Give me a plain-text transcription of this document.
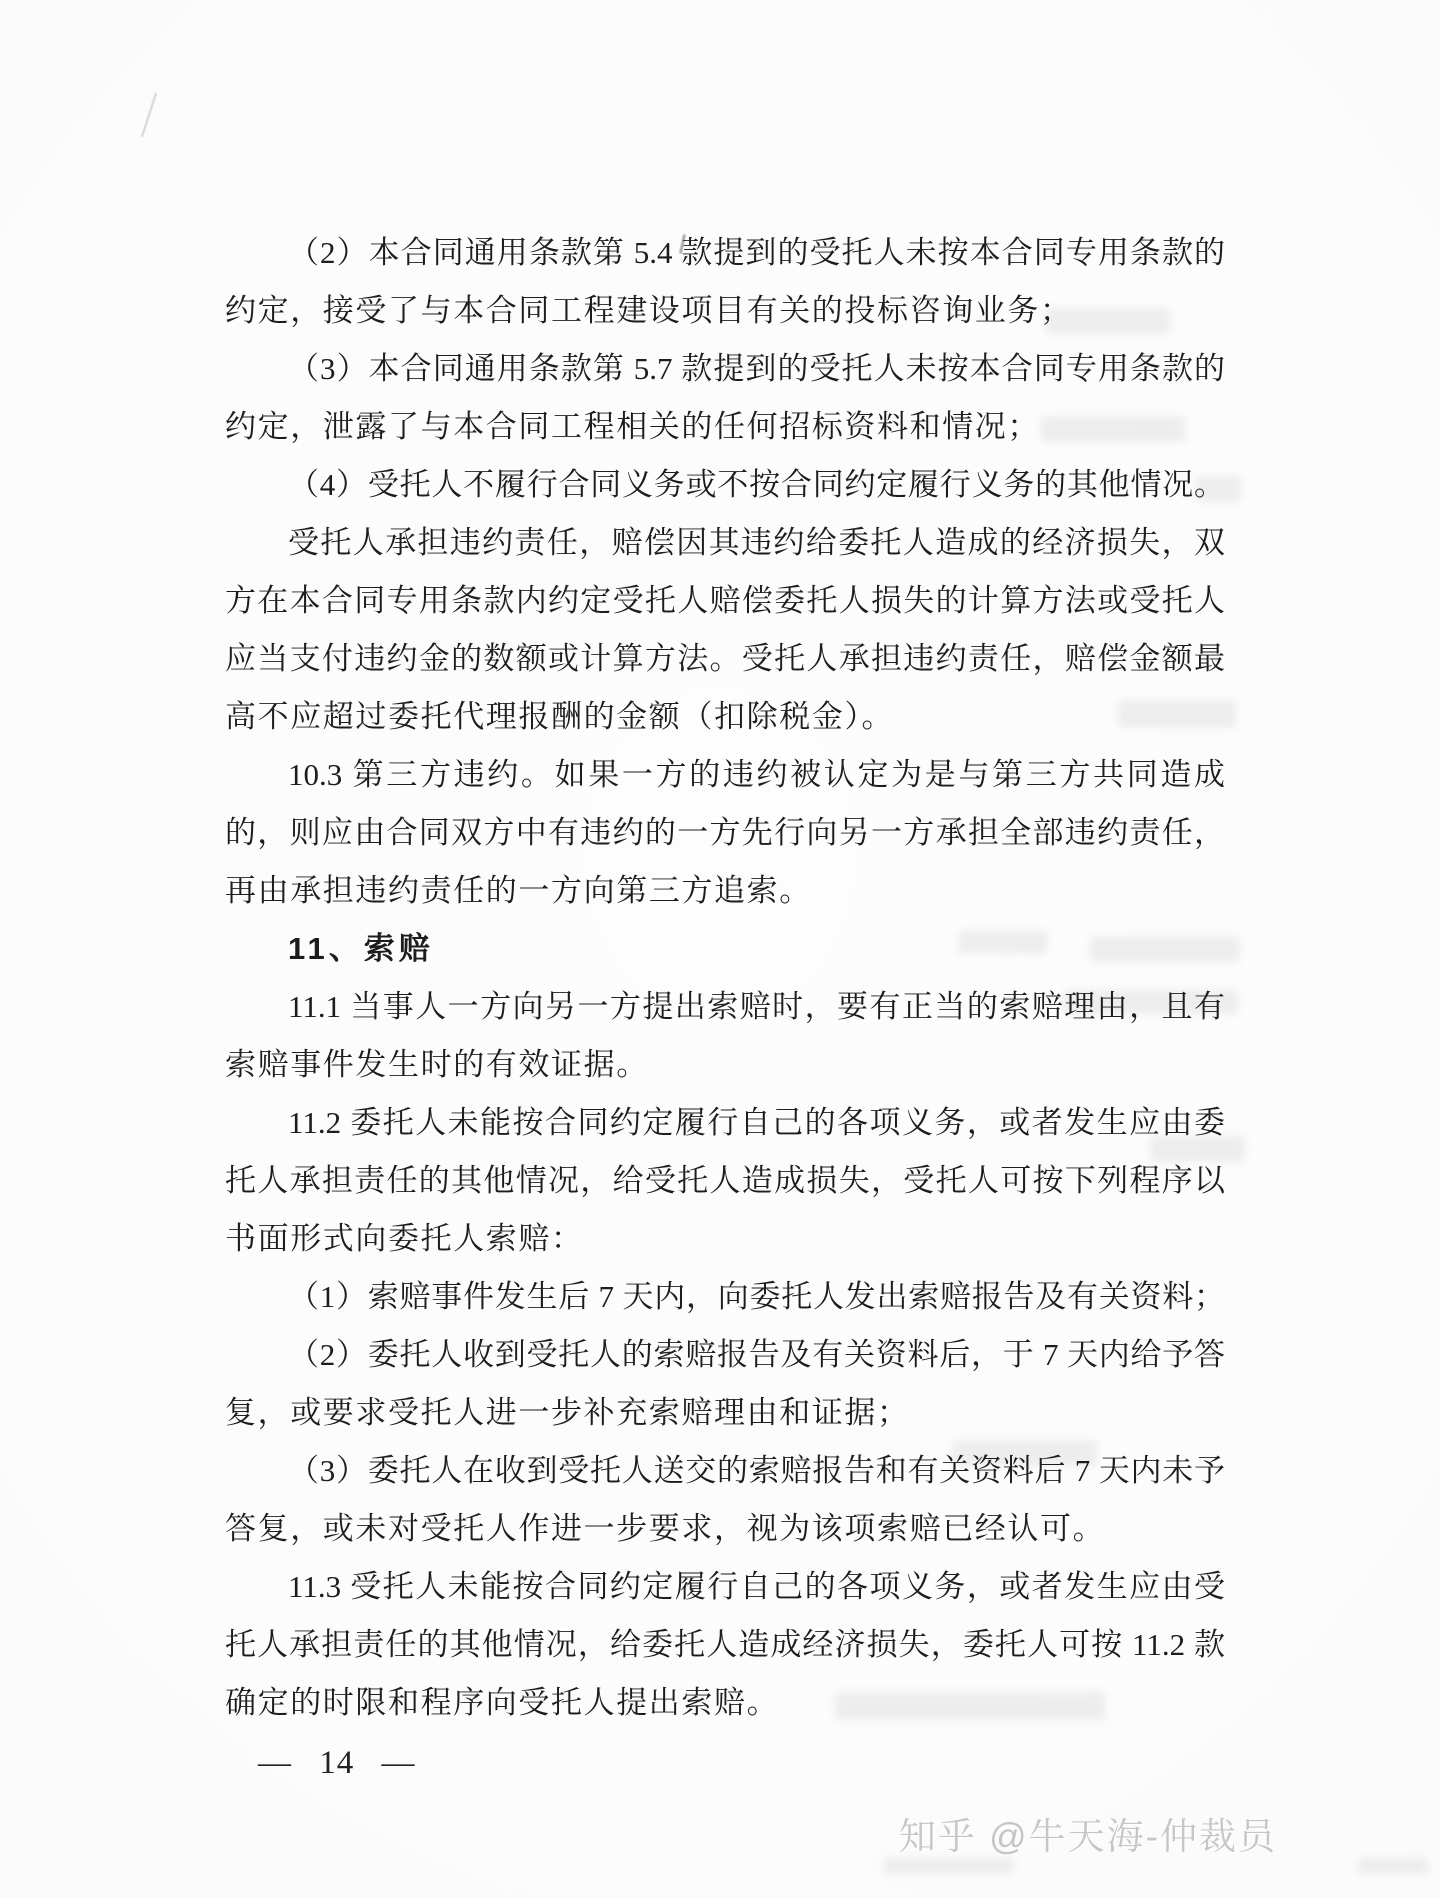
（2）本合同通用条款第 5.4 款提到的受托人未按本合同专用条款的
约定，接受了与本合同工程建设项目有关的投标咨询业务；
（3）本合同通用条款第 5.7 款提到的受托人未按本合同专用条款的
约定，泄露了与本合同工程相关的任何招标资料和情况；
（4）受托人不履行合同义务或不按合同约定履行义务的其他情况。
受托人承担违约责任，赔偿因其违约给委托人造成的经济损失，双
方在本合同专用条款内约定受托人赔偿委托人损失的计算方法或受托人
应当支付违约金的数额或计算方法。受托人承担违约责任，赔偿金额最
高不应超过委托代理报酬的金额（扣除税金）。
10.3 第三方违约。如果一方的违约被认定为是与第三方共同造成
的，则应由合同双方中有违约的一方先行向另一方承担全部违约责任，
再由承担违约责任的一方向第三方追索。
11、索赔
11.1 当事人一方向另一方提出索赔时，要有正当的索赔理由，且有
索赔事件发生时的有效证据。
11.2 委托人未能按合同约定履行自己的各项义务，或者发生应由委
托人承担责任的其他情况，给受托人造成损失，受托人可按下列程序以
书面形式向委托人索赔：
（1）索赔事件发生后 7 天内，向委托人发出索赔报告及有关资料；
（2）委托人收到受托人的索赔报告及有关资料后，于 7 天内给予答
复，或要求受托人进一步补充索赔理由和证据；
（3）委托人在收到受托人送交的索赔报告和有关资料后 7 天内未予
答复，或未对受托人作进一步要求，视为该项索赔已经认可。
11.3 受托人未能按合同约定履行自己的各项义务，或者发生应由受
托人承担责任的其他情况，给委托人造成经济损失，委托人可按 11.2 款
确定的时限和程序向受托人提出索赔。
— 14 —
知乎 @牛天海-仲裁员
